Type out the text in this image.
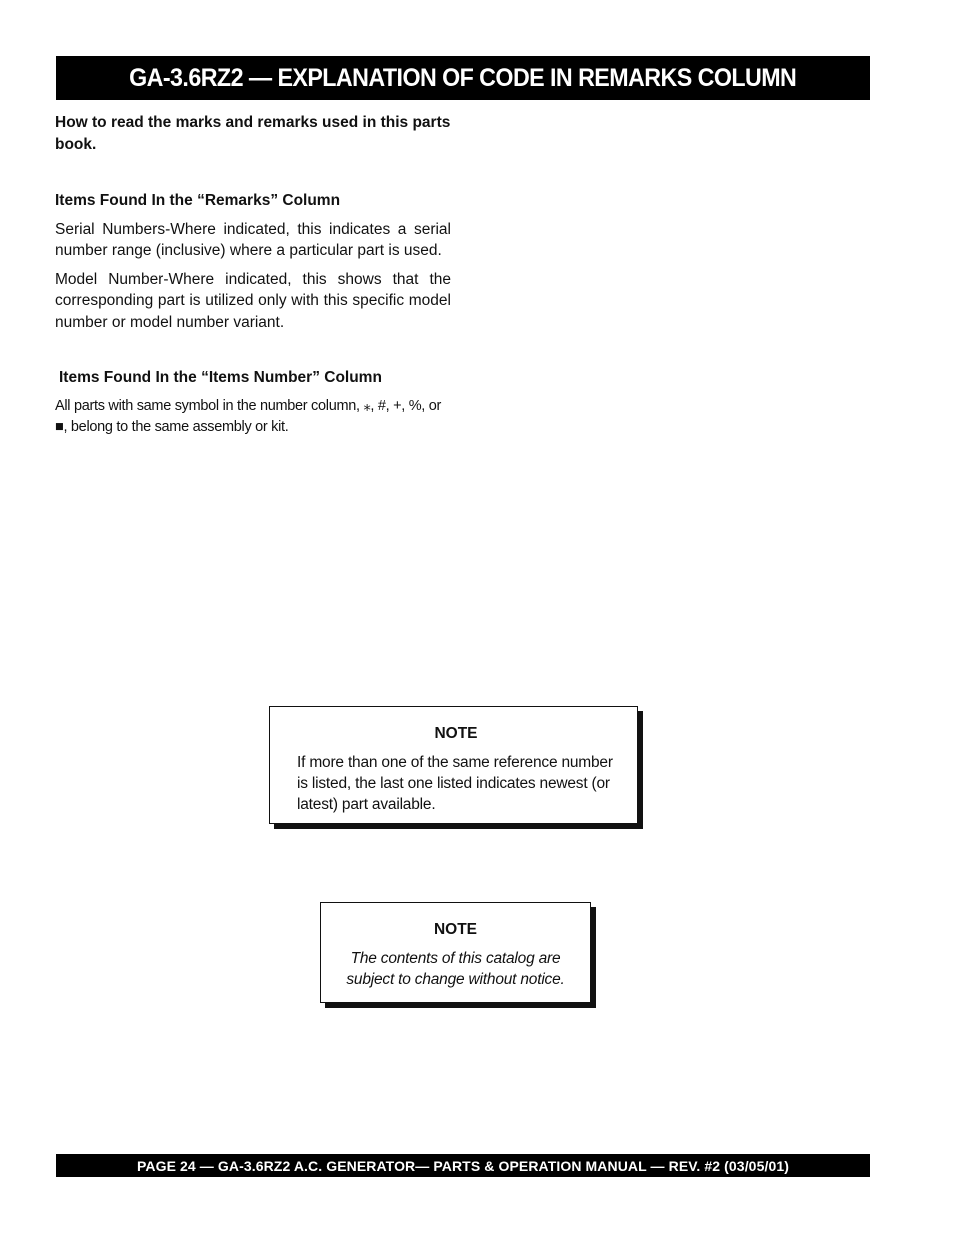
GA-3.6RZ2 — EXPLANATION OF CODE IN REMARKS COLUMN

How to read the marks and remarks used in this parts book.

Items Found In the “Remarks” Column

Serial Numbers-Where indicated, this indicates a serial number range (inclusive) where a particular part is used.

Model Number-Where indicated, this shows that the corresponding part is utilized only with this specific model number or model number variant.

Items Found In the “Items Number” Column

All parts with same symbol in the number column, ⁎, #, +, %, or ■, belong to the same assembly or kit.

NOTE

If more than one of the same reference number is listed, the last one listed indicates newest (or latest) part available.

NOTE

The contents of this catalog are subject to change without notice.

PAGE 24 — GA-3.6RZ2 A.C. GENERATOR— PARTS & OPERATION MANUAL — REV. #2 (03/05/01)
